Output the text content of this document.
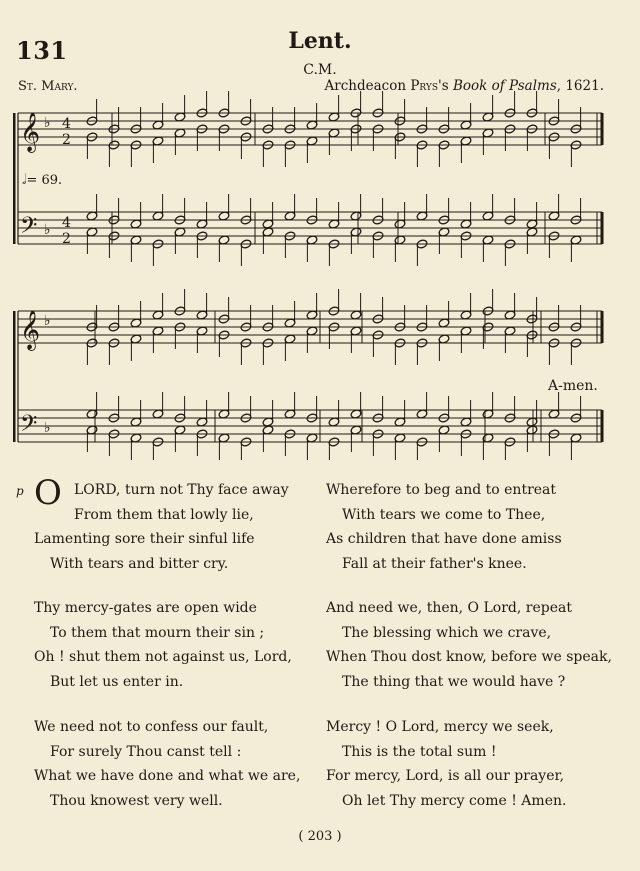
131	Lent.
C.M.
St. Mary.	Archdeacon Prys's Book of Psalms, 1621.
𝄞
𝄢
♭
♭
4
2
4
2
𝄞
𝄢
♭
♭
𝅗𝅥= 69.
A-men.
p O LORD, turn not Thy face away
From them that lowly lie,
Lamenting sore their sinful life
With tears and bitter cry.
Thy mercy-gates are open wide
To them that mourn their sin ;
Oh ! shut them not against us, Lord,
But let us enter in.
We need not to confess our fault,
For surely Thou canst tell :
What we have done and what we are,
Thou knowest very well.
Wherefore to beg and to entreat
With tears we come to Thee,
As children that have done amiss
Fall at their father's knee.
And need we, then, O Lord, repeat
The blessing which we crave,
When Thou dost know, before we speak,
The thing that we would have ?
Mercy ! O Lord, mercy we seek,
This is the total sum !
For mercy, Lord, is all our prayer,
Oh let Thy mercy come ! Amen.
( 203 )
